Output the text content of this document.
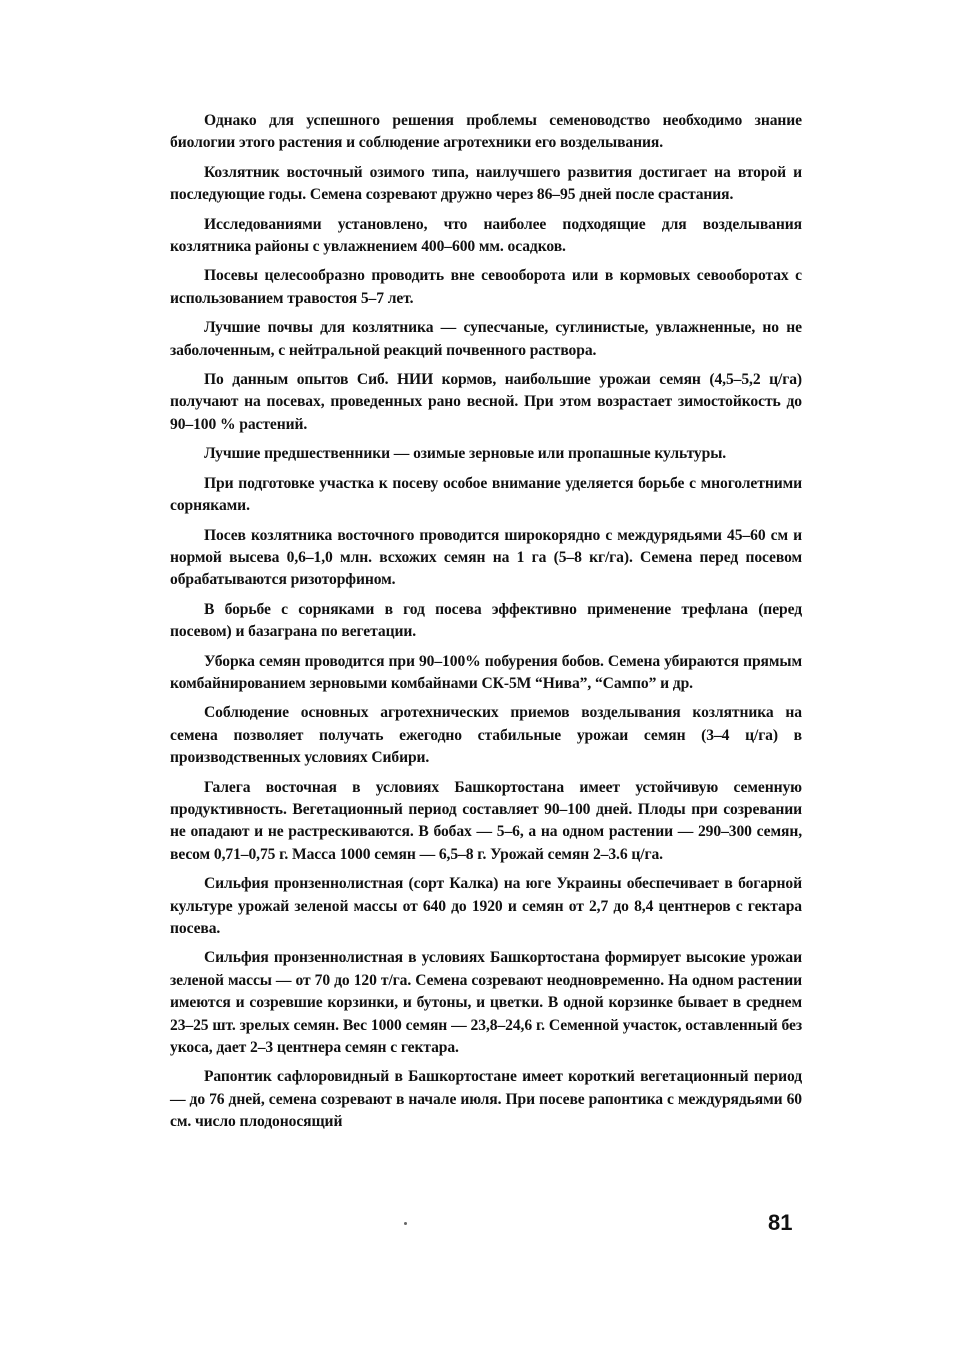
Однако для успешного решения проблемы семеноводство необходимо знание биологии этого растения и соблюдение агротехники его возделывания.

Козлятник восточный озимого типа, наилучшего развития достигает на второй и последующие годы. Семена созревают дружно через 86–95 дней после срастания.

Исследованиями установлено, что наиболее подходящие для возделывания козлятника районы с увлажнением 400–600 мм. осадков.

Посевы целесообразно проводить вне севооборота или в кормовых севооборотах с использованием травостоя 5–7 лет.

Лучшие почвы для козлятника — супесчаные, суглинистые, увлажненные, но не заболоченным, с нейтральной реакций почвенного раствора.

По данным опытов Сиб. НИИ кормов, наибольшие урожаи семян (4,5–5,2 ц/га) получают на посевах, проведенных рано весной. При этом возрастает зимостойкость до 90–100 % растений.

Лучшие предшественники — озимые зерновые или пропашные культуры.

При подготовке участка к посеву особое внимание уделяется борьбе с многолетними сорняками.

Посев козлятника восточного проводится широкорядно с междурядьями 45–60 см и нормой высева 0,6–1,0 млн. всхожих семян на 1 га (5–8 кг/га). Семена перед посевом обрабатываются ризоторфином.

В борьбе с сорняками в год посева эффективно применение трефлана (перед посевом) и базаграна по вегетации.

Уборка семян проводится при 90–100% побурения бобов. Семена убираются прямым комбайнированием зерновыми комбайнами СК-5М “Нива”, “Сампо” и др.

Соблюдение основных агротехнических приемов возделывания козлятника на семена позволяет получать ежегодно стабильные урожаи семян (3–4 ц/га) в производственных условиях Сибири.

Галега восточная в условиях Башкортостана имеет устойчивую семенную продуктивность. Вегетационный период составляет 90–100 дней. Плоды при созревании не опадают и не растрескиваются. В бобах — 5–6, а на одном растении — 290–300 семян, весом 0,71–0,75 г. Масса 1000 семян — 6,5–8 г. Урожай семян 2–3.6 ц/га.

Сильфия пронзеннолистная (сорт Калка) на юге Украины обеспечивает в богарной культуре урожай зеленой массы от 640 до 1920 и семян от 2,7 до 8,4 центнеров с гектара посева.

Сильфия пронзеннолистная в условиях Башкортостана формирует высокие урожаи зеленой массы — от 70 до 120 т/га. Семена созревают неодновременно. На одном растении имеются и созревшие корзинки, и бутоны, и цветки. В одной корзинке бывает в среднем 23–25 шт. зрелых семян. Вес 1000 семян — 23,8–24,6 г. Семенной участок, оставленный без укоса, дает 2–3 центнера семян с гектара.

Рапонтик сафлоровидный в Башкортостане имеет короткий вегетационный период — до 76 дней, семена созревают в начале июля. При посеве рапонтика с междурядьями 60 см. число плодоносящий

81
